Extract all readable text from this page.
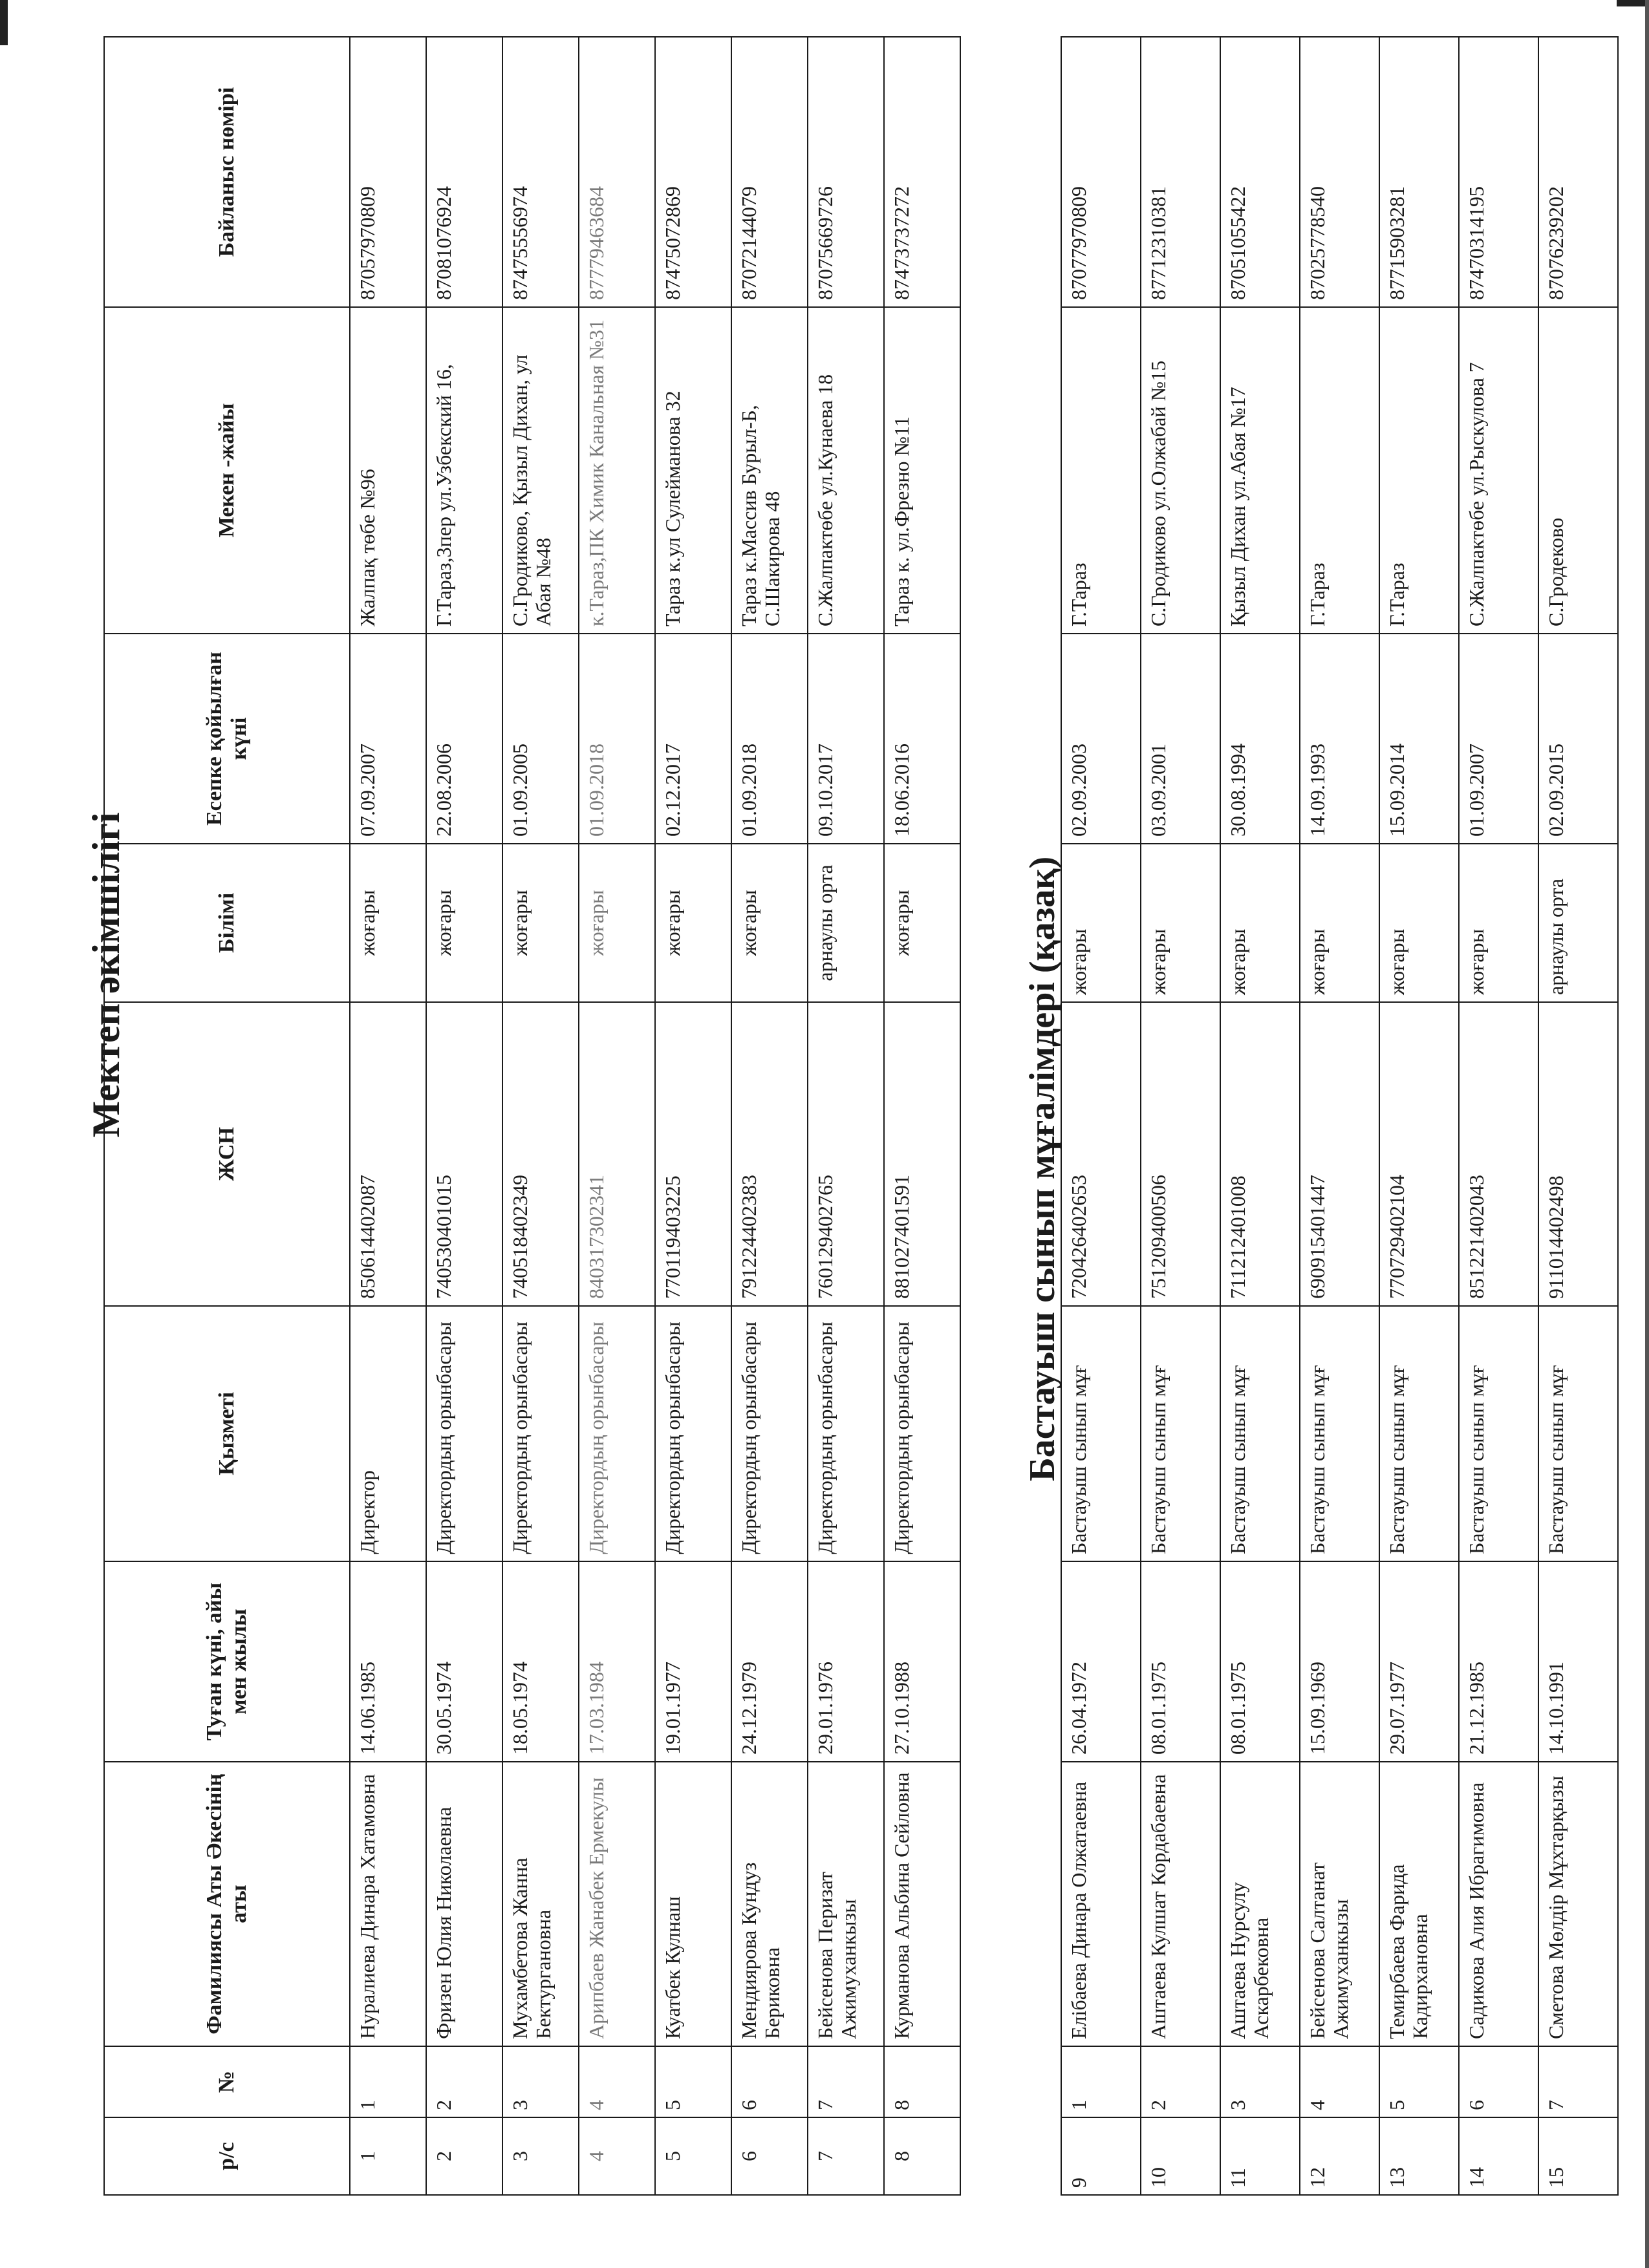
Мектеп әкімшілігі
р/с	№	Фамилиясы Аты Әкесінің аты	Туған күні, айы мен жылы	Қызметі	ЖСН	Білімі	Есепке қойылған күні	Мекен -жайы	Байланыс нөмірі
1	1	Нуралиева Динара Хатамовна	14.06.1985	Директор	850614402087	жоғары	07.09.2007	Жалпақ төбе №96	87057970809
2	2	Фризен Юлия Николаевна	30.05.1974	Директордың орынбасары	740530401015	жоғары	22.08.2006	Г.Тараз,3пер ул.Узбекский 16,	87081076924
3	3	Мухамбетова Жанна Бектургановна	18.05.1974	Директордың орынбасары	740518402349	жоғары	01.09.2005	С.Гродиково, Қызыл Дихан, ул Абая №48	87475556974
4	4	Арипбаев Жанабек Ермекулы	17.03.1984	Директордың орынбасары	840317302341	жоғары	01.09.2018	к.Тараз,ПК Химик Канальная №31	87779463684
5	5	Куатбек Кулнаш	19.01.1977	Директордың орынбасары	770119403225	жоғары	02.12.2017	Тараз к.ул Сулейманова 32	87475072869
6	6	Мендиярова Кундуз Бериковна	24.12.1979	Директордың орынбасары	791224402383	жоғары	01.09.2018	Тараз к.Массив Бурыл-Б, С.Шакирова 48	87072144079
7	7	Бейсенова Перизат Ажимуханкызы	29.01.1976	Директордың орынбасары	760129402765	арнаулы орта	09.10.2017	С.Жалпактөбе ул.Кунаева 18	87075669726
8	8	Курманова Альбина Сейловна	27.10.1988	Директордың орынбасары	881027401591	жоғары	18.06.2016	Тараз к. ул.Фрезно №11	87473737272
Бастауыш сынып мұғалімдері (қазақ)
9	1	Елібаева Динара Олжатаевна	26.04.1972	Бастауыш сынып мұғ	720426402653	жоғары	02.09.2003	Г.Тараз	87077970809
10	2	Аштаева Кулшат Кордабаевна	08.01.1975	Бастауыш сынып мұғ	751209400506	жоғары	03.09.2001	С.Гродиково ул.Олжабай №15	87712310381
11	3	Аштаева Нурсулу Аскарбековна	08.01.1975	Бастауыш сынып мұғ	711212401008	жоғары	30.08.1994	Қызыл Дихан ул.Абая №17	87051055422
12	4	Бейсенова Салтанат Ажимуханкызы	15.09.1969	Бастауыш сынып мұғ	690915401447	жоғары	14.09.1993	Г.Тараз	87025778540
13	5	Темирбаева Фарида Кадирхановна	29.07.1977	Бастауыш сынып мұғ	770729402104	жоғары	15.09.2014	Г.Тараз	87715903281
14	6	Садикова Алия Ибрагимовна	21.12.1985	Бастауыш сынып мұғ	851221402043	жоғары	01.09.2007	С.Жалпактөбе ул.Рыскулова 7	87470314195
15	7	Сметова Мөлдір Мұхтарқызы	14.10.1991	Бастауыш сынып мұғ	911014402498	арнаулы орта	02.09.2015	С.Гродеково	87076239202
